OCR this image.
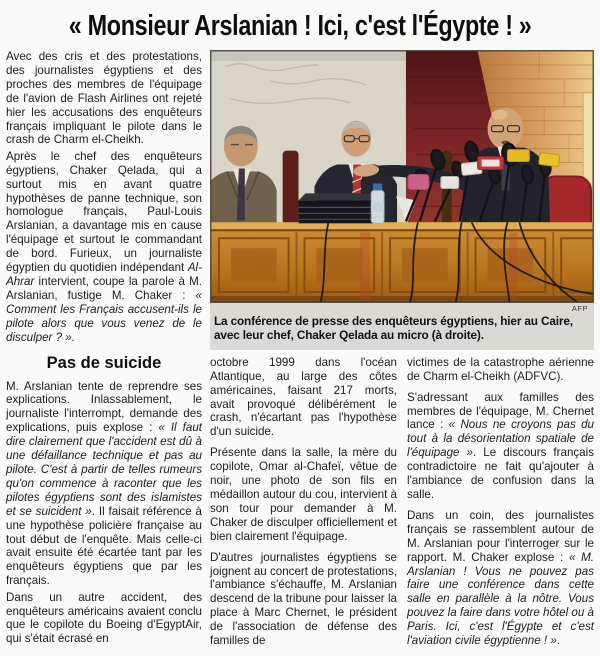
« Monsieur Arslanian ! Ici, c'est l'Égypte ! »

Avec des cris et des protestations, des journalistes égyptiens et des proches des membres de l'équipage de l'avion de Flash Airlines ont rejeté hier les accusations des enquêteurs français impliquant le pilote dans le crash de Charm el-Cheikh.

Après le chef des enquêteurs égyptiens, Chaker Qelada, qui a surtout mis en avant quatre hypothèses de panne technique, son homologue français, Paul-Louis Arslanian, a davantage mis en cause l'équipage et surtout le commandant de bord. Furieux, un journaliste égyptien du quotidien indépendant Al-Ahrar intervient, coupe la parole à M. Arslanian, fustige M. Chaker : « Comment les Français accusent-ils le pilote alors que vous venez de le disculper ? ».

Pas de suicide

M. Arslanian tente de reprendre ses explications. Inlassablement, le journaliste l'interrompt, demande des explications, puis explose : « Il faut dire clairement que l'accident est dû à une défaillance technique et pas au pilote. C'est à partir de telles rumeurs qu'on commence à raconter que les pilotes égyptiens sont des islamistes et se suicident ». Il faisait référence à une hypothèse policière française au tout début de l'enquête. Mais celle-ci avait ensuite été écartée tant par les enquêteurs égyptiens que par les français.

Dans un autre accident, des enquêteurs américains avaient conclu que le copilote du Boeing d'EgyptAir, qui s'était écrasé en

AFP
La conférence de presse des enquêteurs égyptiens, hier au Caire, avec leur chef, Chaker Qelada au micro (à droite).

octobre 1999 dans l'océan Atlantique, au large des côtes américaines, faisant 217 morts, avait provoqué délibérément le crash, n'écartant pas l'hypothèse d'un suicide.

Présente dans la salle, la mère du copilote, Omar al-Chafeï, vêtue de noir, une photo de son fils en médaillon autour du cou, intervient à son tour pour demander à M. Chaker de disculper officiellement et bien clairement l'équipage.

D'autres journalistes égyptiens se joignent au concert de protestations, l'ambiance s'échauffe, M. Arslanian descend de la tribune pour laisser la place à Marc Chernet, le président de l'association de défense des familles de

victimes de la catastrophe aérienne de Charm el-Cheikh (ADFVC).

S'adressant aux familles des membres de l'équipage, M. Chernet lance : « Nous ne croyons pas du tout à la désorientation spatiale de l'équipage ». Le discours français contradictoire ne fait qu'ajouter à l'ambiance de confusion dans la salle.

Dans un coin, des journalistes français se rassemblent autour de M. Arslanian pour l'interroger sur le rapport. M. Chaker explose : « M. Arslanian ! Vous ne pouvez pas faire une conférence dans cette salle en parallèle à la nôtre. Vous pouvez la faire dans votre hôtel ou à Paris. Ici, c'est l'Égypte et c'est l'aviation civile égyptienne ! ».
